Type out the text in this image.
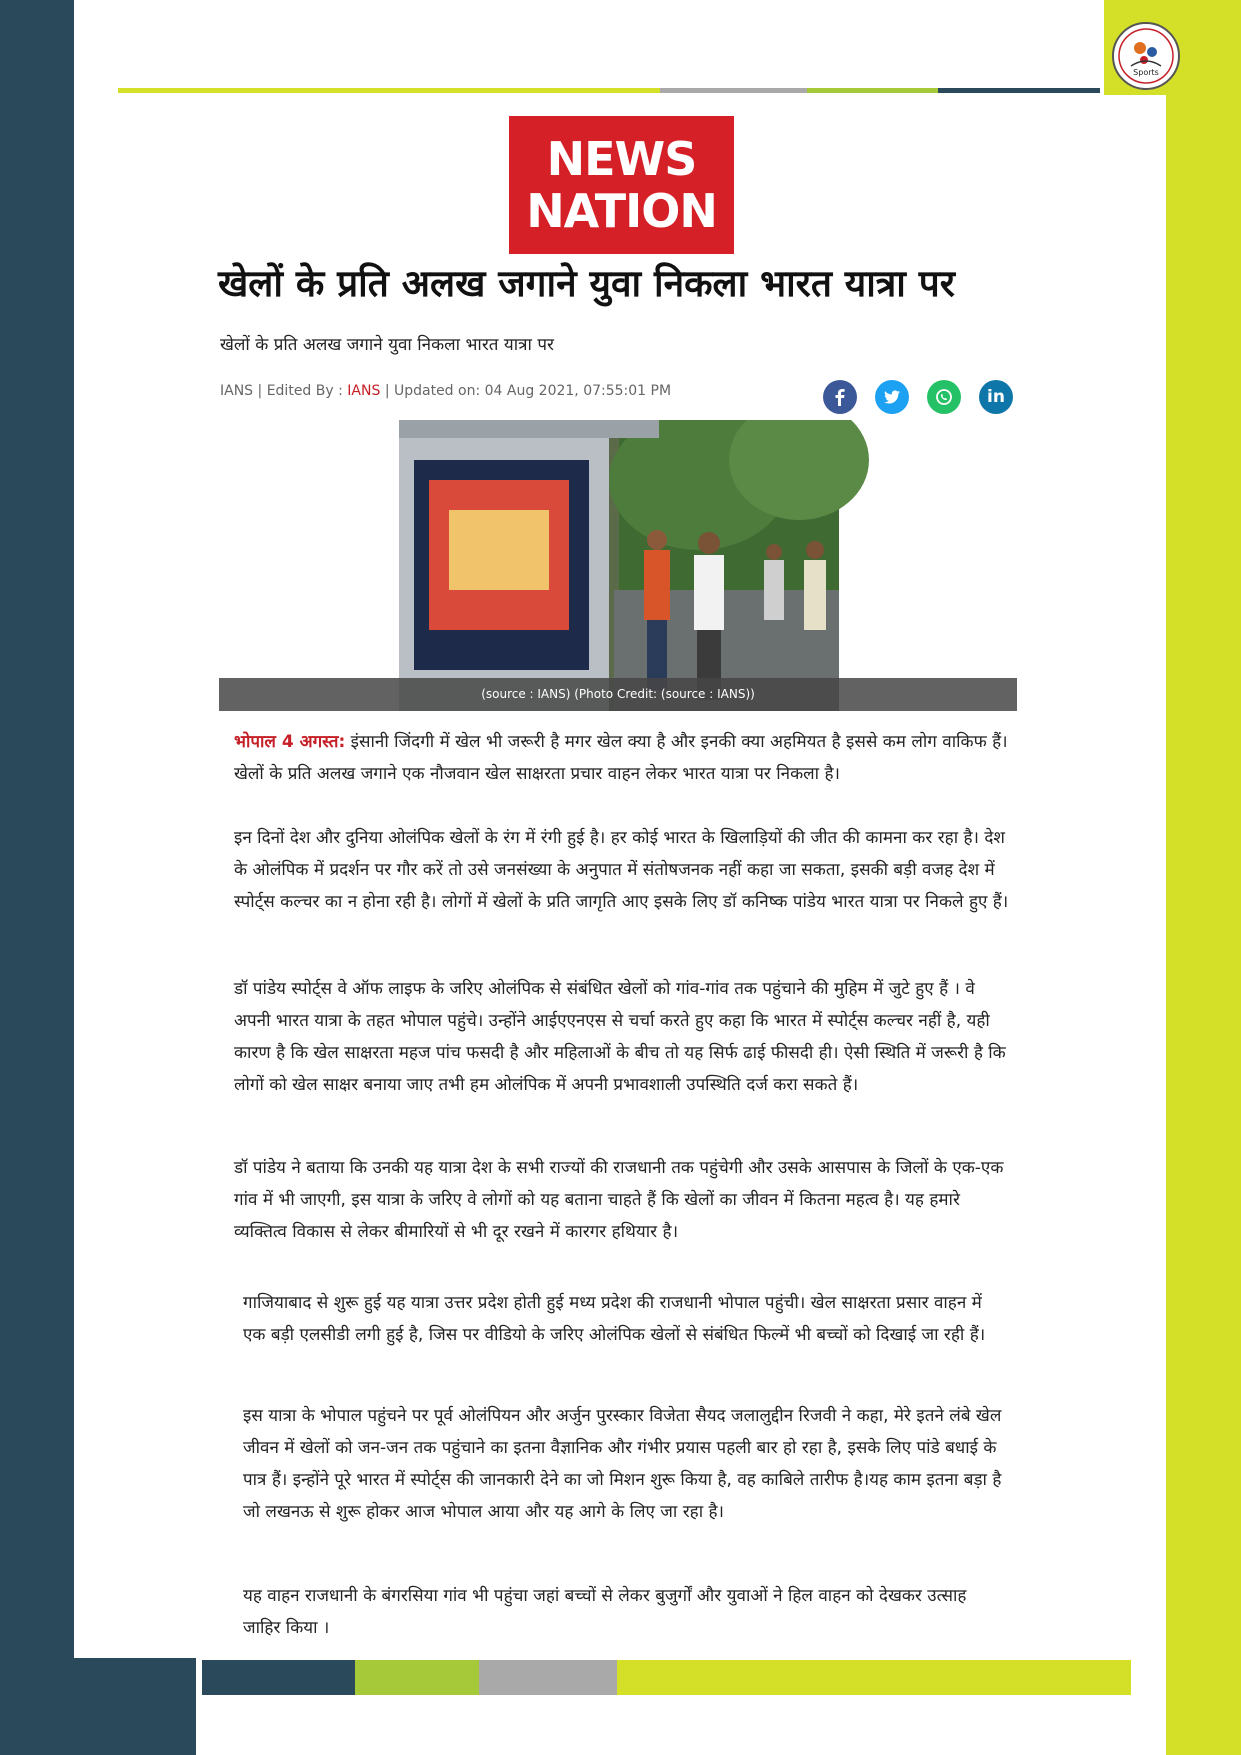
Sports
NEWS
NATION
खेलों के प्रति अलख जगाने युवा निकला भारत यात्रा पर
खेलों के प्रति अलख जगाने युवा निकला भारत यात्रा पर
IANS | Edited By : IANS | Updated on: 04 Aug 2021, 07:55:01 PM	in
(source : IANS) (Photo Credit: (source : IANS))

भोपाल 4 अगस्त: इंसानी जिंदगी में खेल भी जरूरी है मगर खेल क्या है और इनकी क्या अहमियत है इससे कम लोग वाकिफ हैं। खेलों के प्रति अलख जगाने एक नौजवान खेल साक्षरता प्रचार वाहन लेकर भारत यात्रा पर निकला है।

इन दिनों देश और दुनिया ओलंपिक खेलों के रंग में रंगी हुई है। हर कोई भारत के खिलाड़ियों की जीत की कामना कर रहा है। देश के ओलंपिक में प्रदर्शन पर गौर करें तो उसे जनसंख्या के अनुपात में संतोषजनक नहीं कहा जा सकता, इसकी बड़ी वजह देश में स्पोर्ट्स कल्चर का न होना रही है। लोगों में खेलों के प्रति जागृति आए इसके लिए डॉ कनिष्क पांडेय भारत यात्रा पर निकले हुए हैं।

डॉ पांडेय स्पोर्ट्स वे ऑफ लाइफ के जरिए ओलंपिक से संबंधित खेलों को गांव-गांव तक पहुंचाने की मुहिम में जुटे हुए हैं । वे अपनी भारत यात्रा के तहत भोपाल पहुंचे। उन्होंने आईएएनएस से चर्चा करते हुए कहा कि भारत में स्पोर्ट्स कल्चर नहीं है, यही कारण है कि खेल साक्षरता महज पांच फसदी है और महिलाओं के बीच तो यह सिर्फ ढाई फीसदी ही। ऐसी स्थिति में जरूरी है कि लोगों को खेल साक्षर बनाया जाए तभी हम ओलंपिक में अपनी प्रभावशाली उपस्थिति दर्ज करा सकते हैं।

डॉ पांडेय ने बताया कि उनकी यह यात्रा देश के सभी राज्यों की राजधानी तक पहुंचेगी और उसके आसपास के जिलों के एक-एक गांव में भी जाएगी, इस यात्रा के जरिए वे लोगों को यह बताना चाहते हैं कि खेलों का जीवन में कितना महत्व है। यह हमारे व्यक्तित्व विकास से लेकर बीमारियों से भी दूर रखने में कारगर हथियार है।

गाजियाबाद से शुरू हुई यह यात्रा उत्तर प्रदेश होती हुई मध्य प्रदेश की राजधानी भोपाल पहुंची। खेल साक्षरता प्रसार वाहन में एक बड़ी एलसीडी लगी हुई है, जिस पर वीडियो के जरिए ओलंपिक खेलों से संबंधित फिल्में भी बच्चों को दिखाई जा रही हैं।

इस यात्रा के भोपाल पहुंचने पर पूर्व ओलंपियन और अर्जुन पुरस्कार विजेता सैयद जलालुद्दीन रिजवी ने कहा, मेरे इतने लंबे खेल जीवन में खेलों को जन-जन तक पहुंचाने का इतना वैज्ञानिक और गंभीर प्रयास पहली बार हो रहा है, इसके लिए पांडे बधाई के पात्र हैं। इन्होंने पूरे भारत में स्पोर्ट्स की जानकारी देने का जो मिशन शुरू किया है, वह काबिले तारीफ है।यह काम इतना बड़ा है जो लखनऊ से शुरू होकर आज भोपाल आया और यह आगे के लिए जा रहा है।

यह वाहन राजधानी के बंगरसिया गांव भी पहुंचा जहां बच्चों से लेकर बुजुर्गों और युवाओं ने हिल वाहन को देखकर उत्साह जाहिर किया ।
